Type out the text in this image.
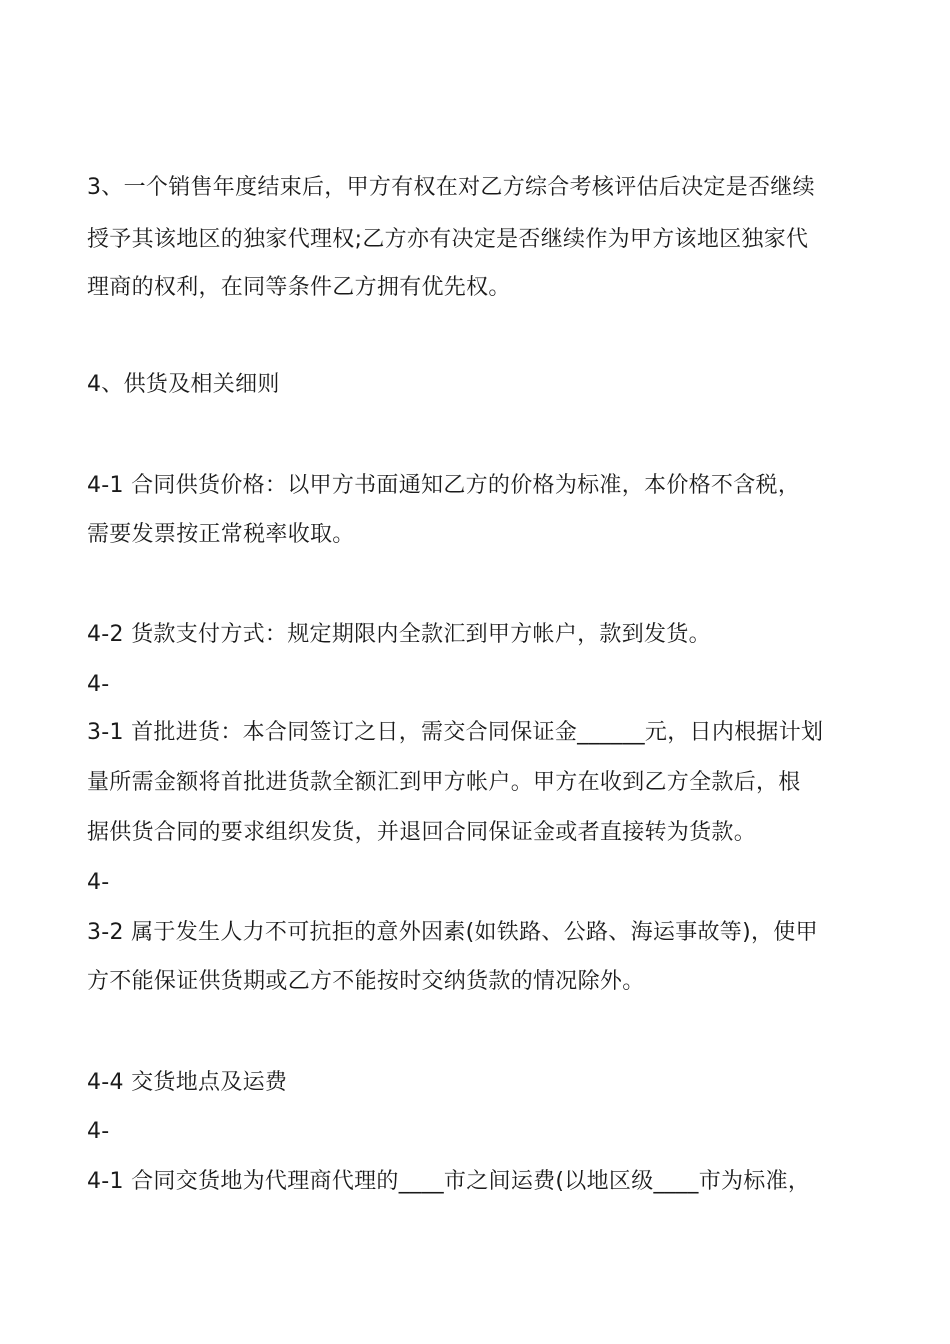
3、一个销售年度结束后，甲方有权在对乙方综合考核评估后决定是否继续
授予其该地区的独家代理权;乙方亦有决定是否继续作为甲方该地区独家代
理商的权利，在同等条件乙方拥有优先权。
4、供货及相关细则
4-1 合同供货价格：以甲方书面通知乙方的价格为标准，本价格不含税，
需要发票按正常税率收取。
4-2 货款支付方式：规定期限内全款汇到甲方帐户，款到发货。
4-
3-1 首批进货：本合同签订之日，需交合同保证金______元，日内根据计划
量所需金额将首批进货款全额汇到甲方帐户。甲方在收到乙方全款后，根
据供货合同的要求组织发货，并退回合同保证金或者直接转为货款。
4-
3-2 属于发生人力不可抗拒的意外因素(如铁路、公路、海运事故等)，使甲
方不能保证供货期或乙方不能按时交纳货款的情况除外。
4-4 交货地点及运费
4-
4-1 合同交货地为代理商代理的____市之间运费(以地区级____市为标准，
